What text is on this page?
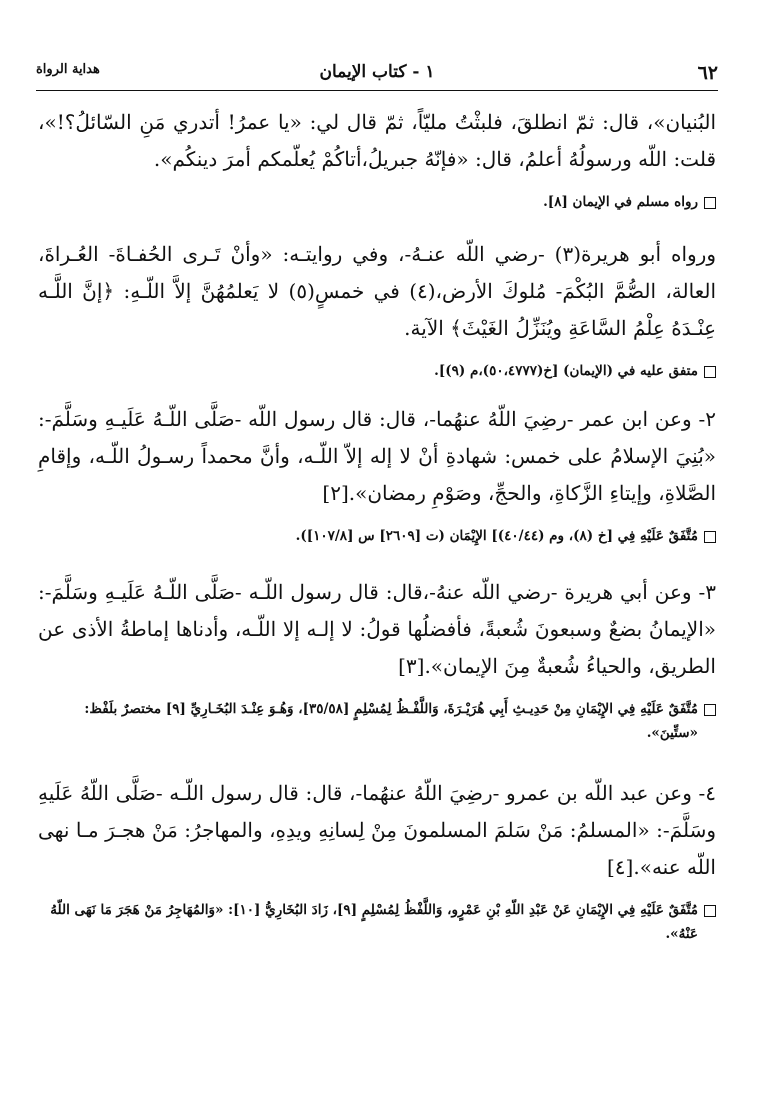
٦٢
١ - كتاب الإيمان
هداية الرواة

البُنيان»، قال: ثمّ انطلقَ، فلبثْتُ مليّاً، ثمّ قال لي: «يا عمرُ! أتدري مَنِ السّائلُ؟!»، قلت: اللّه ورسولُهُ أعلمُ، قال: «فإنّهُ جبريلُ،أتاكُمْ يُعلّمكم أمرَ دينكُم».

رواه مسلم في الإيمان [٨].

ورواه أبو هريرة(٣) -رضي اللّه عنـهُ-، وفي روايتـه: «وأنْ تَـرى الحُفـاةَ- العُـراةَ، العالة، الصُّمَّ البُكْمَ- مُلوكَ الأرض،(٤) في خمسٍ(٥) لا يَعلمُهُنَّ إلاَّ اللّـهِ: ﴿إنَّ اللَّـه عِنْـدَهُ عِلْمُ السَّاعَةِ ويُنَزِّلُ الغَيْثَ﴾ الآية.

متفق عليه في (الإيمان) [خ(٥٠،٤٧٧٧)،م (٩)].

٢- وعن ابن عمر -رضِيَ اللّهُ عنهُما-، قال: قال رسول اللّه -صَلَّى اللّـهُ عَلَيـهِ وسَلَّمَ-: «بُنِيَ الإسلامُ على خمس: شهادةِ أنْ لا إله إلاّ اللّـه، وأنَّ محمداً رسـولُ اللّـه، وإقامِ الصَّلاةِ، وإيتاءِ الزَّكاةِ، والحجِّ، وصَوْمِ رمضان».[٢]

مُتَّفَقٌ عَلَيْهِ فِي [خ (٨)، وم (٤٠/٤٤)] الإِيْمَان (ت [٢٦٠٩] س [١٠٧/٨]).

٣- وعن أبي هريرة -رضي اللّه عنهُ-،قال: قال رسول اللّـه -صَلَّى اللّـهُ عَلَيـهِ وسَلَّمَ-: «الإيمانُ بضعٌ وسبعونَ شُعبةً، فأفضلُها قولُ: لا إلـه إلا اللّـه، وأدناها إماطةُ الأذى عن الطريق، والحياءُ شُعبةٌ مِنَ الإيمان».[٣]

مُتَّفَقٌ عَلَيْهِ فِي الإِيْمَانِ مِنْ حَدِيـثِ أَبِي هُرَيْـرَةَ، وَاللَّفْـظُ لِمُسْلِمٍ [٣٥/٥٨]، وَهُـوَ عِنْـدَ البُخَـارِيِّ [٩] مختصرٌ بلَفْظ: «ستِّينَ».

٤- وعن عبد اللّه بن عمرو -رضِيَ اللّهُ عنهُما-، قال: قال رسول اللّـه -صَلَّى اللّهُ عَلَيهِ وسَلَّمَ-: «المسلمُ: مَنْ سَلمَ المسلمونَ مِنْ لِسانِهِ ويدِهِ، والمهاجرُ: مَنْ هجـرَ مـا نهى اللّه عنه».[٤]

مُتَّفَقٌ عَلَيْهِ فِي الإِيْمَانِ عَنْ عَبْدِ اللّهِ بْنِ عَمْرٍو، وَاللَّفْظُ لِمُسْلِمٍ [٩]، زَادَ البُخَارِيُّ [١٠]: «وَالمُهَاجِرُ مَنْ هَجَرَ مَا نَهَى اللّهُ عَنْهُ».
